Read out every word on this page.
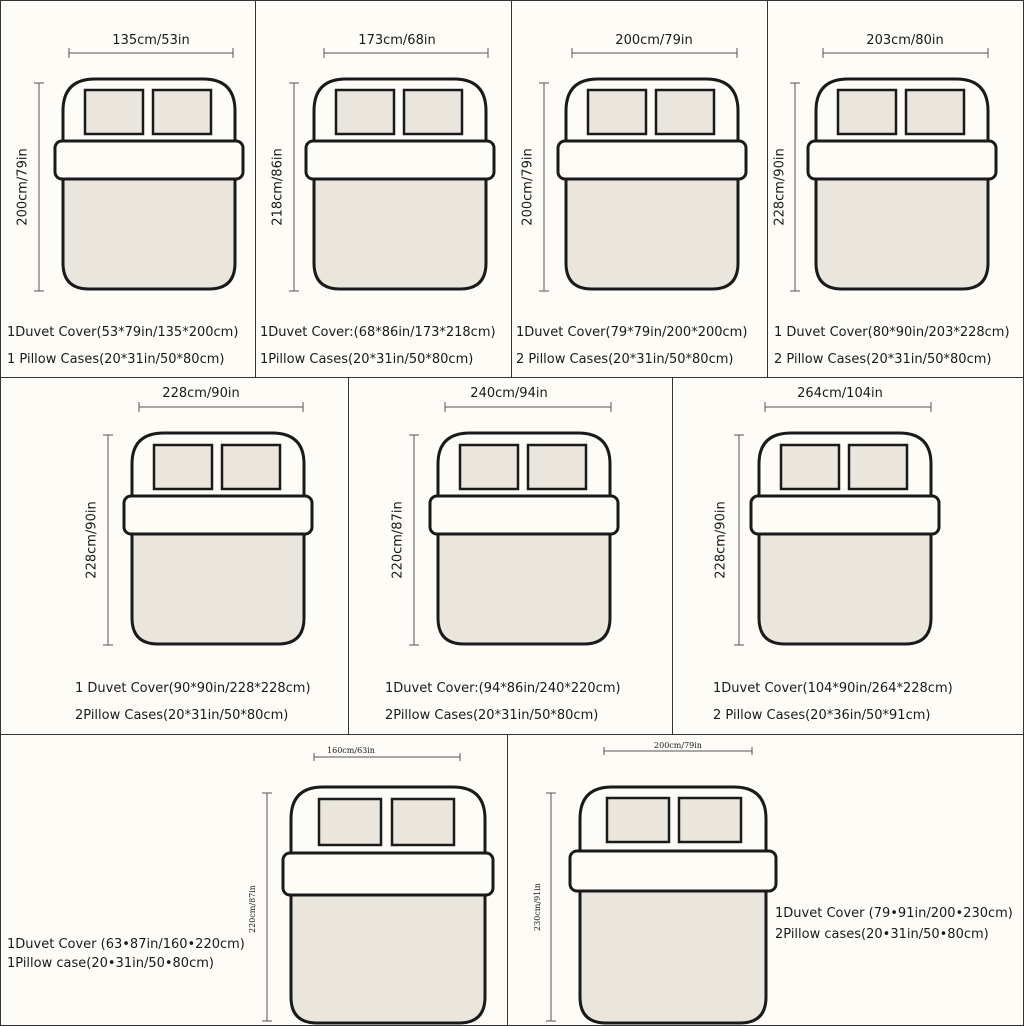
135cm/53in
200cm/79in
1Duvet Cover(53*79in/135*200cm)
1 Pillow Cases(20*31in/50*80cm)
173cm/68in
218cm/86in
1Duvet Cover:(68*86in/173*218cm)
1Pillow Cases(20*31in/50*80cm)
200cm/79in
200cm/79in
1Duvet Cover(79*79in/200*200cm)
2 Pillow Cases(20*31in/50*80cm)
203cm/80in
228cm/90in
1 Duvet Cover(80*90in/203*228cm)
2 Pillow Cases(20*31in/50*80cm)
228cm/90in
228cm/90in
1 Duvet Cover(90*90in/228*228cm)
2Pillow Cases(20*31in/50*80cm)
240cm/94in
220cm/87in
1Duvet Cover:(94*86in/240*220cm)
2Pillow Cases(20*31in/50*80cm)
264cm/104in
228cm/90in
1Duvet Cover(104*90in/264*228cm)
2 Pillow Cases(20*36in/50*91cm)
160cm/63in
220cm/87in
1Duvet Cover (63•87in/160•220cm)
1Pillow case(20•31in/50•80cm)
200cm/79in
230cm/91in	1Duvet Cover (79•91in/200•230cm)
2Pillow cases(20•31in/50•80cm)
